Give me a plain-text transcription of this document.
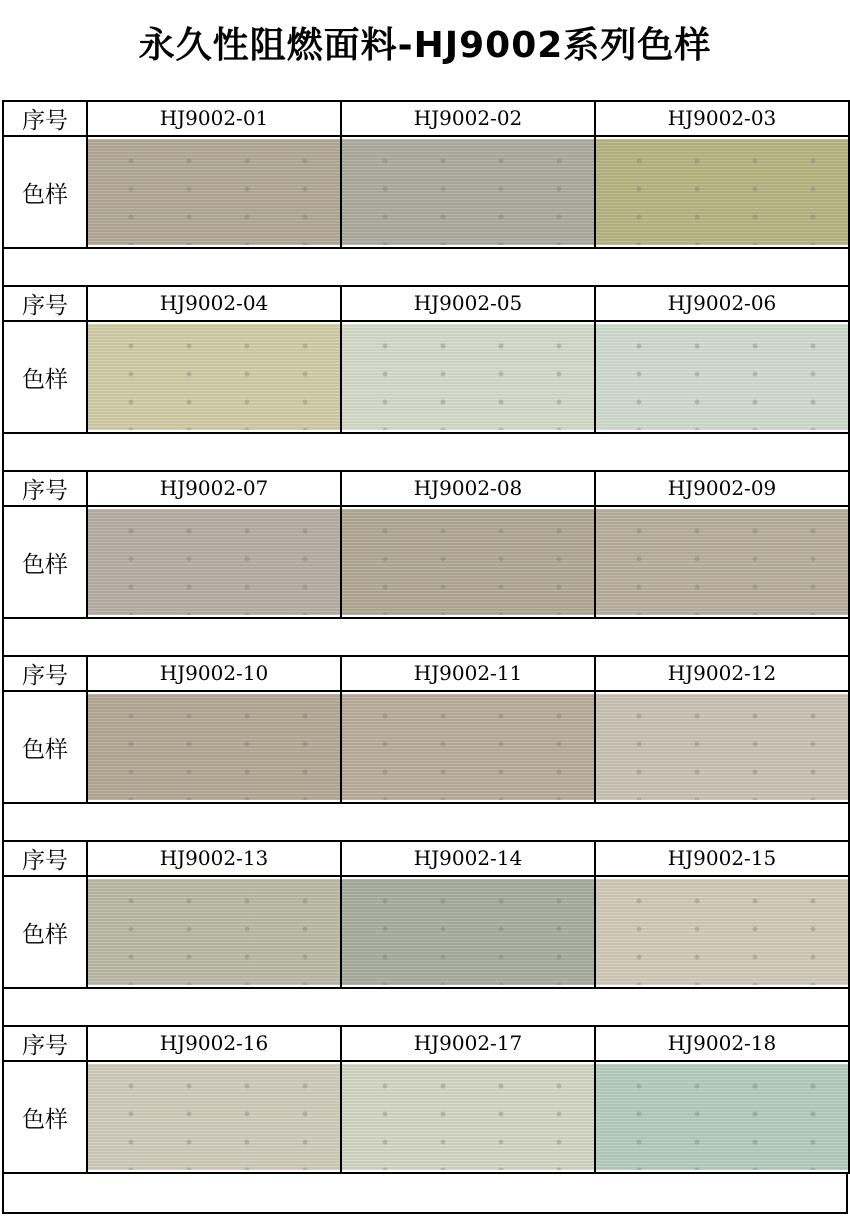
永久性阻燃面料-HJ9002系列色样
序号	HJ9002-01	HJ9002-02	HJ9002-03
色样	

序号	HJ9002-04	HJ9002-05	HJ9002-06
色样	

序号	HJ9002-07	HJ9002-08	HJ9002-09
色样	

序号	HJ9002-10	HJ9002-11	HJ9002-12
色样	

序号	HJ9002-13	HJ9002-14	HJ9002-15
色样	

序号	HJ9002-16	HJ9002-17	HJ9002-18
色样	
